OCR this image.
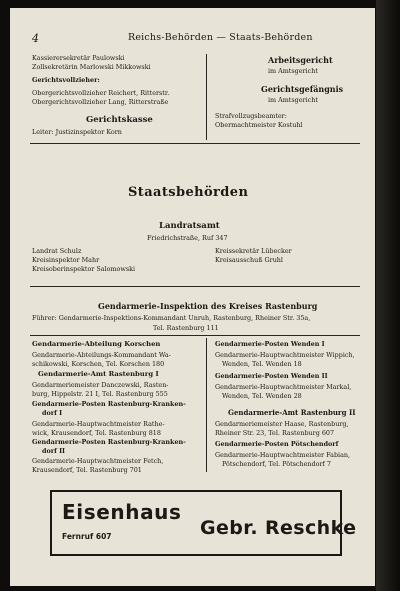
4	Reichs-Behörden — Staats-Behörden
Kassierersekretär Paulowski
Zollsekretärin Marlowski Mikkowski
Gerichtsvollzieher:
Obergerichtsvollzieher Reichert, Ritterstr.
Obergerichtsvollzieher Lang, Ritterstraße
Gerichtskasse
Leiter: Justizinspektor Korn
Arbeitsgericht
im Amtsgericht
Gerichtsgefängnis
im Amtsgericht
Strafvollzugsbeamter:
Obermachtmeister Kostuhl
Staatsbehörden
Landratsamt
Friedrichstraße, Ruf 347
Landrat Schulz
Kreisinspektor Mahr
Kreisoberinspektor Salomowski
Kreissekretär Lübecker
Kreisausschuß Gruhl
Gendarmerie-Inspektion des Kreises Rastenburg
Führer: Gendarmerie-Inspektions-Kommandant Unruh, Rastenburg, Rheiner Str. 35a,
Tel. Rastenburg 111
Gendarmerie-Abteilung Korschen
Gendarmerie-Abteilungs-Kommandant Wa-
schikowski, Korschen, Tel. Korschen 180
Gendarmerie-Amt Rastenburg I
Gendarmeriemeister Danczewski, Rasten-
burg, Hippelstr. 21 I, Tel. Rastenburg 555
Gendarmerie-Posten Rastenburg-Kranken-
dorf I
Gendarmerie-Hauptwachtmeister Rathe-
wick, Krausendorf, Tel. Rastenburg 818
Gendarmerie-Posten Rastenburg-Kranken-
dorf II
Gendarmerie-Hauptwachtmeister Fetch,
Krausendorf, Tel. Rastenburg 701
Gendarmerie-Posten Wenden I
Gendarmerie-Hauptwachtmeister Wippich,
Wenden, Tel. Wenden 18
Gendarmerie-Posten Wenden II
Gendarmerie-Hauptwachtmeister Markal,
Wenden, Tel. Wenden 28
Gendarmerie-Amt Rastenburg II
Gendarmeriemeister Haase, Rastenburg,
Rheiner Str. 23, Tel. Rastenburg 607
Gendarmerie-Posten Pötschendorf
Gendarmerie-Hauptwachtmeister Fabian,
Pötschendorf, Tel. Pötschendorf 7
Eisenhaus
Fernruf 607	Gebr. Reschke
